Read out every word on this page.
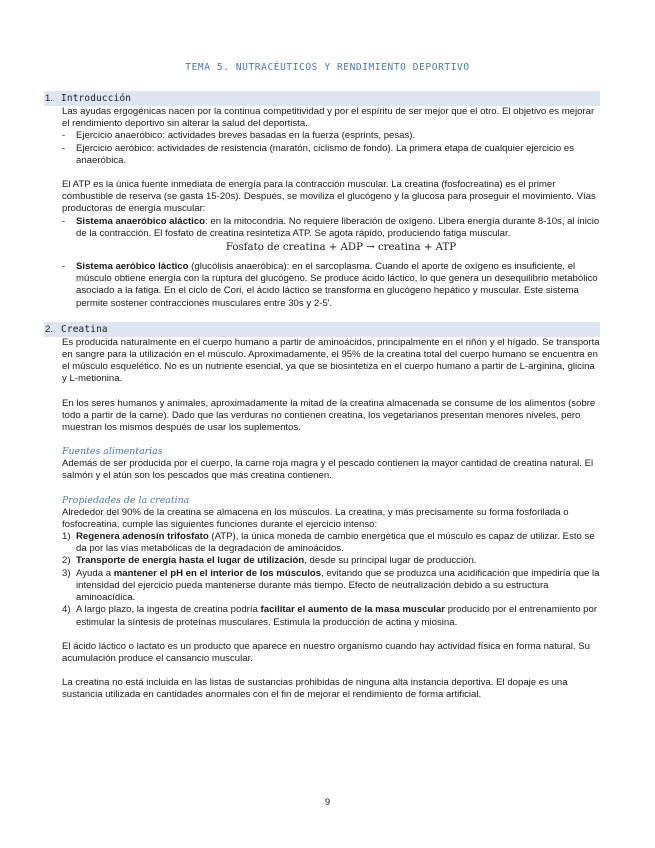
TEMA 5. NUTRACÉUTICOS Y RENDIMIENTO DEPORTIVO
1. Introducción

Las ayudas ergogénicas nacen por la continua competitividad y por el espíritu de ser mejor que el otro. El objetivo es mejorar el rendimiento deportivo sin alterar la salud del deportista.

-	Ejercicio anaeróbico: actividades breves basadas en la fuerza (esprints, pesas).
-	Ejercicio aeróbico: actividades de resistencia (maratón, ciclismo de fondo). La primera etapa de cualquier ejercicio es anaeróbica.

El ATP es la única fuente inmediata de energía para la contracción muscular. La creatina (fosfocreatina) es el primer combustible de reserva (se gasta 15-20s). Después, se moviliza el glucógeno y la glucosa para proseguir el movimiento. Vías productoras de energía muscular:

-	Sistema anaeróbico aláctico: en la mitocondria. No requiere liberación de oxígeno. Libera energía durante 8-10s, al inicio de la contracción. El fosfato de creatina resintetiza ATP. Se agota rápido, produciendo fatiga muscular.
Fosfato de creatina + ADP → creatina + ATP
-	Sistema aeróbico láctico (glucólisis anaeróbica): en el sarcoplasma. Cuando el aporte de oxígeno es insuficiente, el músculo obtiene energía con la ruptura del glucógeno. Se produce ácido láctico, lo que genera un desequilibrio metabólico asociado a la fatiga. En el ciclo de Cori, el ácido láctico se transforma en glucógeno hepático y muscular. Este sistema permite sostener contracciones musculares entre 30s y 2-5'.
2. Creatina

Es producida naturalmente en el cuerpo humano a partir de aminoácidos, principalmente en el riñón y el hígado. Se transporta en sangre para la utilización en el músculo. Aproximadamente, el 95% de la creatina total del cuerpo humano se encuentra en el músculo esquelético. No es un nutriente esencial, ya que se biosintetiza en el cuerpo humano a partir de L-arginina, glicina y L-metionina.

En los seres humanos y animales, aproximadamente la mitad de la creatina almacenada se consume de los alimentos (sobre todo a partir de la carne). Dado que las verduras no contienen creatina, los vegetarianos presentan menores niveles, pero muestran los mismos después de usar los suplementos.

Fuentes alimentarias

Además de ser producida por el cuerpo, la carne roja magra y el pescado contienen la mayor cantidad de creatina natural. El salmón y el atún son los pescados que más creatina contienen.

Propiedades de la creatina

Alrededor del 90% de la creatina se almacena en los músculos. La creatina, y más precisamente su forma fosforilada o fosfocreatina, cumple las siguientes funciones durante el ejercicio intenso:

1) Regenera adenosín trifosfato (ATP), la única moneda de cambio energética que el músculo es capaz de utilizar. Esto se da por las vías metabólicas de la degradación de aminoácidos.
2) Transporte de energía hasta el lugar de utilización, desde su principal lugar de producción.
3) Ayuda a mantener el pH en el interior de los músculos, evitando que se produzca una acidificación que impediría que la intensidad del ejercicio pueda mantenerse durante más tiempo. Efecto de neutralización debido a su estructura aminoacídica.
4) A largo plazo, la ingesta de creatina podría facilitar el aumento de la masa muscular producido por el entrenamiento por estimular la síntesis de proteínas musculares. Estimula la producción de actina y miosina.

El ácido láctico o lactato es un producto que aparece en nuestro organismo cuando hay actividad física en forma natural. Su acumulación produce el cansancio muscular.

La creatina no está incluida en las listas de sustancias prohibidas de ninguna alta instancia deportiva. El dopaje es una sustancia utilizada en cantidades anormales con el fin de mejorar el rendimiento de forma artificial.

9
